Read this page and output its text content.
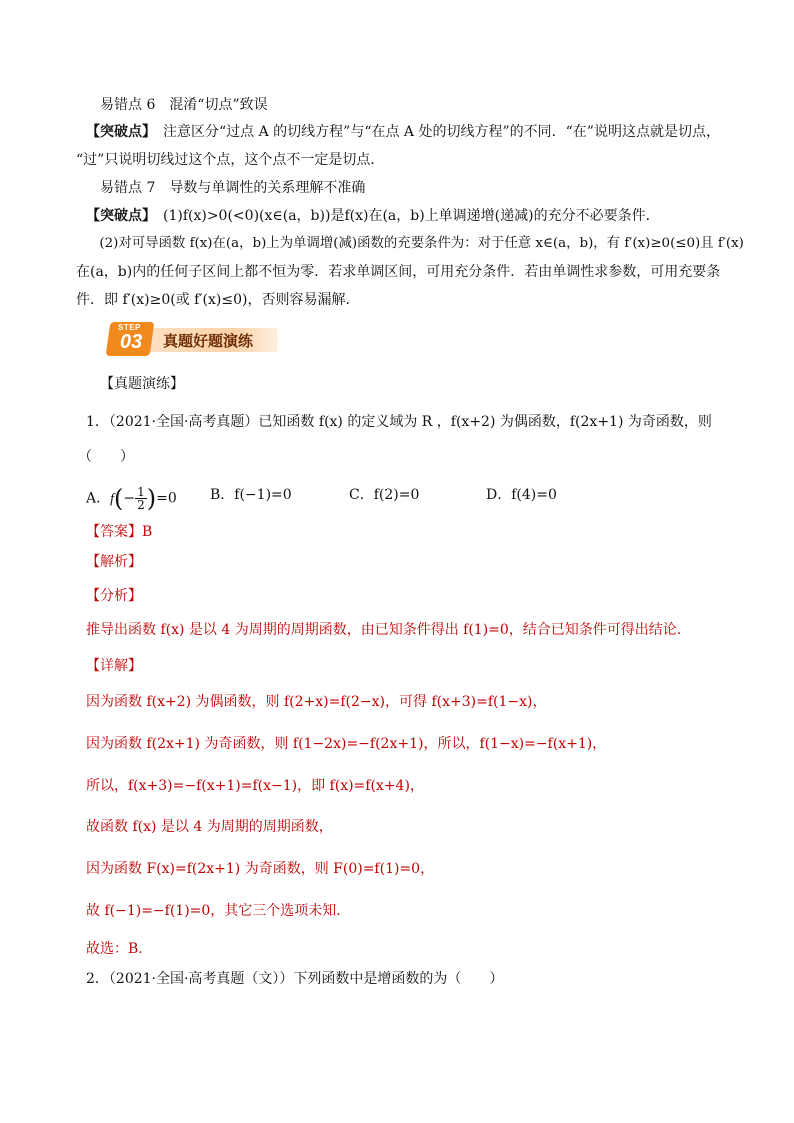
易错点 6　混淆“切点”致误
【突破点】　注意区分“过点 A 的切线方程”与“在点 A 处的切线方程”的不同．“在”说明这点就是切点，
“过”只说明切线过这个点，这个点不一定是切点．
易错点 7　导数与单调性的关系理解不准确
【突破点】　(1)f(x)>0(<0)(x∈(a，b))是f(x)在(a，b)上单调递增(递减)的充分不必要条件．
　(2)对可导函数 f(x)在(a，b)上为单调增(减)函数的充要条件为：对于任意 x∈(a，b)，有 f′(x)≥0(≤0)且 f′(x)
在(a，b)内的任何子区间上都不恒为零．若求单调区间，可用充分条件．若由单调性求参数，可用充要条
件．即 f′(x)≥0(或 f′(x)≤0)，否则容易漏解．
STEP
03 真题好题演练
【真题演练】
1．（2021·全国·高考真题）已知函数 f(x) 的定义域为 R ，f(x+2) 为偶函数，f(2x+1) 为奇函数，则
（　　）
A．$f(- \frac{1}{2} )=0$ B．f(−1)=0	C．f(2)=0	D．f(4)=0
【答案】B
【解析】
【分析】
推导出函数 f(x) 是以 4 为周期的周期函数，由已知条件得出 f(1)=0，结合已知条件可得出结论.
【详解】
因为函数 f(x+2) 为偶函数，则 f(2+x)=f(2−x)，可得 f(x+3)=f(1−x)，
因为函数 f(2x+1) 为奇函数，则 f(1−2x)=−f(2x+1)，所以，f(1−x)=−f(x+1)，
所以，f(x+3)=−f(x+1)=f(x−1)，即 f(x)=f(x+4)，
故函数 f(x) 是以 4 为周期的周期函数，
因为函数 F(x)=f(2x+1) 为奇函数，则 F(0)=f(1)=0，
故 f(−1)=−f(1)=0，其它三个选项未知.
故选：B.
2．（2021·全国·高考真题（文））下列函数中是增函数的为（　　）
